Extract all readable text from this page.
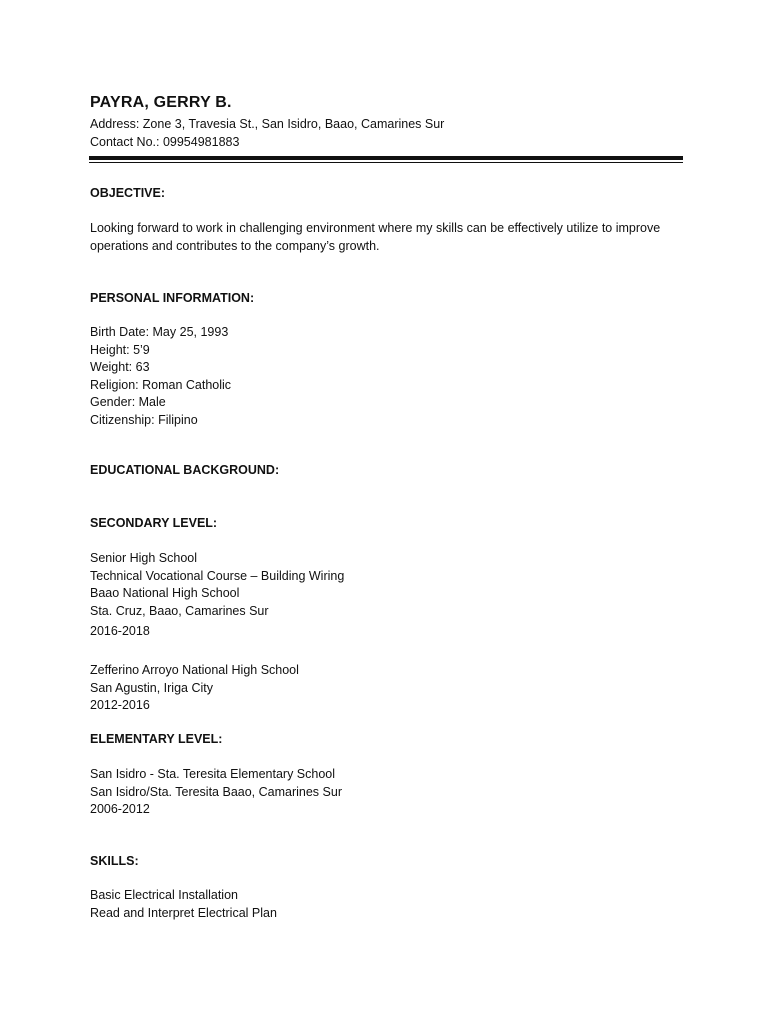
PAYRA, GERRY B.
Address: Zone 3, Travesia St., San Isidro, Baao, Camarines Sur
Contact No.: 09954981883
OBJECTIVE:
Looking forward to work in challenging environment where my skills can be effectively utilize to improve
operations and contributes to the company’s growth.
PERSONAL INFORMATION:
Birth Date: May 25, 1993
Height: 5’9
Weight: 63
Religion: Roman Catholic
Gender: Male
Citizenship: Filipino
EDUCATIONAL BACKGROUND:
SECONDARY LEVEL:
Senior High School
Technical Vocational Course – Building Wiring
Baao National High School
Sta. Cruz, Baao, Camarines Sur
2016-2018
Zefferino Arroyo National High School
San Agustin, Iriga City
2012-2016
ELEMENTARY LEVEL:
San Isidro - Sta. Teresita Elementary School
San Isidro/Sta. Teresita Baao, Camarines Sur
2006-2012
SKILLS:
Basic Electrical Installation
Read and Interpret Electrical Plan
